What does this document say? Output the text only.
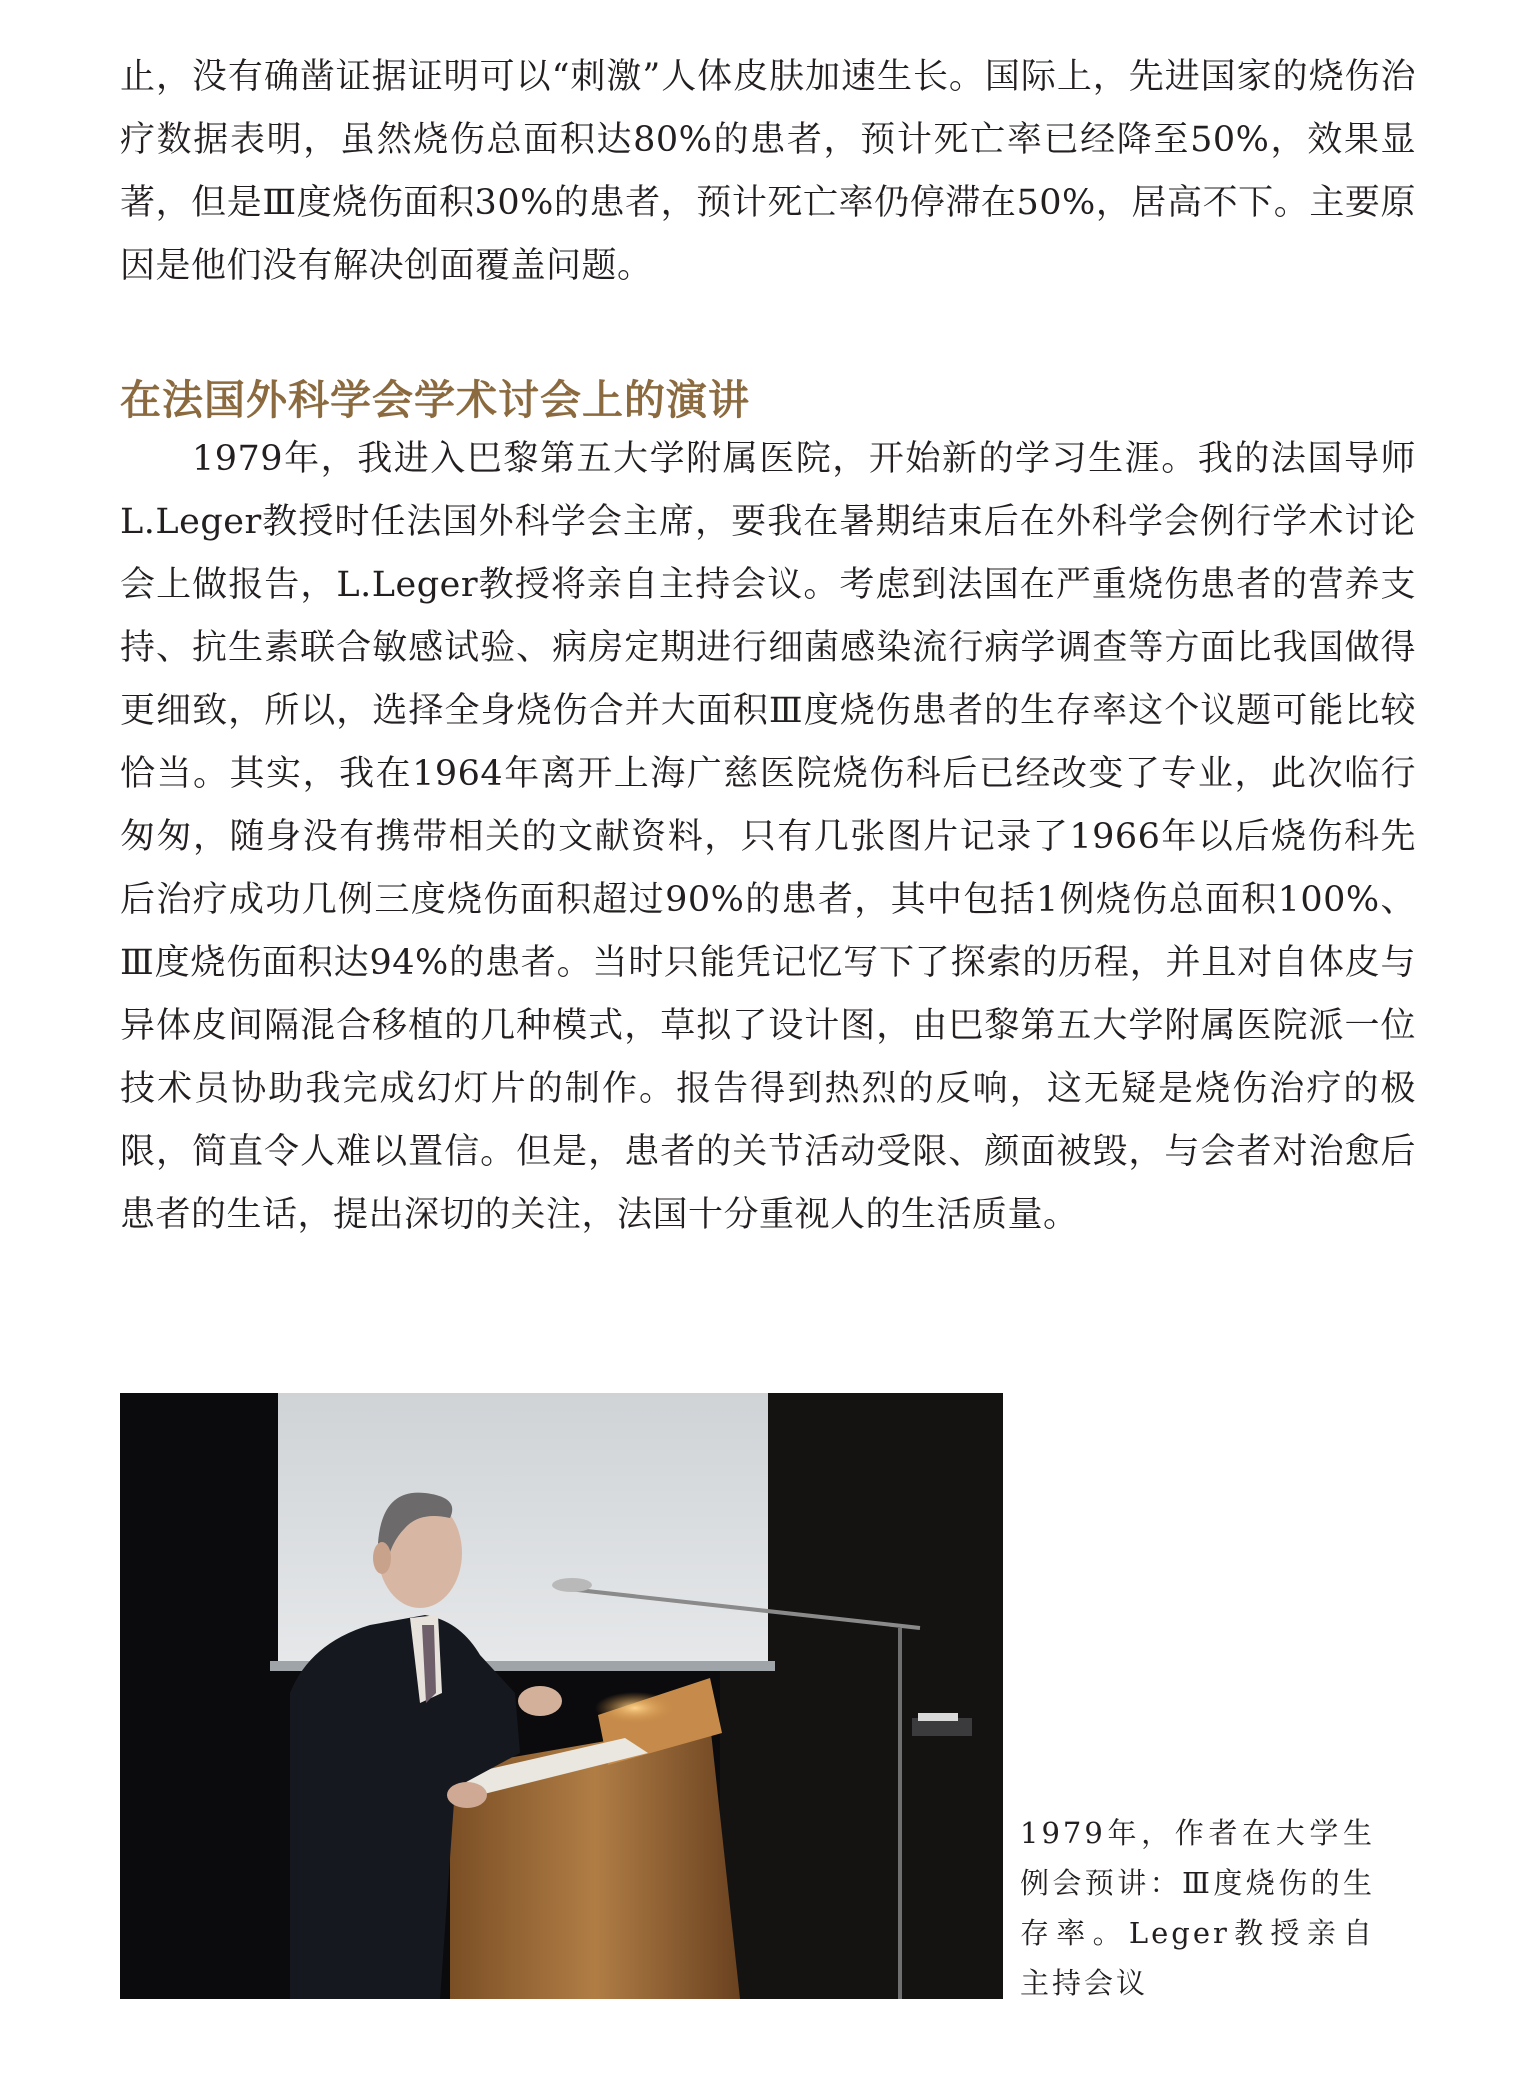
止，没有确凿证据证明可以“刺激”人体皮肤加速生长。国际上，先进国家的烧伤治疗数据表明，虽然烧伤总面积达80%的患者，预计死亡率已经降至50%，效果显著，但是Ⅲ度烧伤面积30%的患者，预计死亡率仍停滞在50%，居高不下。主要原因是他们没有解决创面覆盖问题。

在法国外科学会学术讨会上的演讲

1979年，我进入巴黎第五大学附属医院，开始新的学习生涯。我的法国导师L.Leger教授时任法国外科学会主席，要我在暑期结束后在外科学会例行学术讨论会上做报告，L.Leger教授将亲自主持会议。考虑到法国在严重烧伤患者的营养支持、抗生素联合敏感试验、病房定期进行细菌感染流行病学调查等方面比我国做得更细致，所以，选择全身烧伤合并大面积Ⅲ度烧伤患者的生存率这个议题可能比较恰当。其实，我在1964年离开上海广慈医院烧伤科后已经改变了专业，此次临行匆匆，随身没有携带相关的文献资料，只有几张图片记录了1966年以后烧伤科先后治疗成功几例三度烧伤面积超过90%的患者，其中包括1例烧伤总面积100%、Ⅲ度烧伤面积达94%的患者。当时只能凭记忆写下了探索的历程，并且对自体皮与异体皮间隔混合移植的几种模式，草拟了设计图，由巴黎第五大学附属医院派一位技术员协助我完成幻灯片的制作。报告得到热烈的反响，这无疑是烧伤治疗的极限，简直令人难以置信。但是，患者的关节活动受限、颜面被毁，与会者对治愈后患者的生话，提出深切的关注，法国十分重视人的生活质量。

1979年，作者在大学生例会预讲：Ⅲ度烧伤的生存率。Leger教授亲自主持会议
